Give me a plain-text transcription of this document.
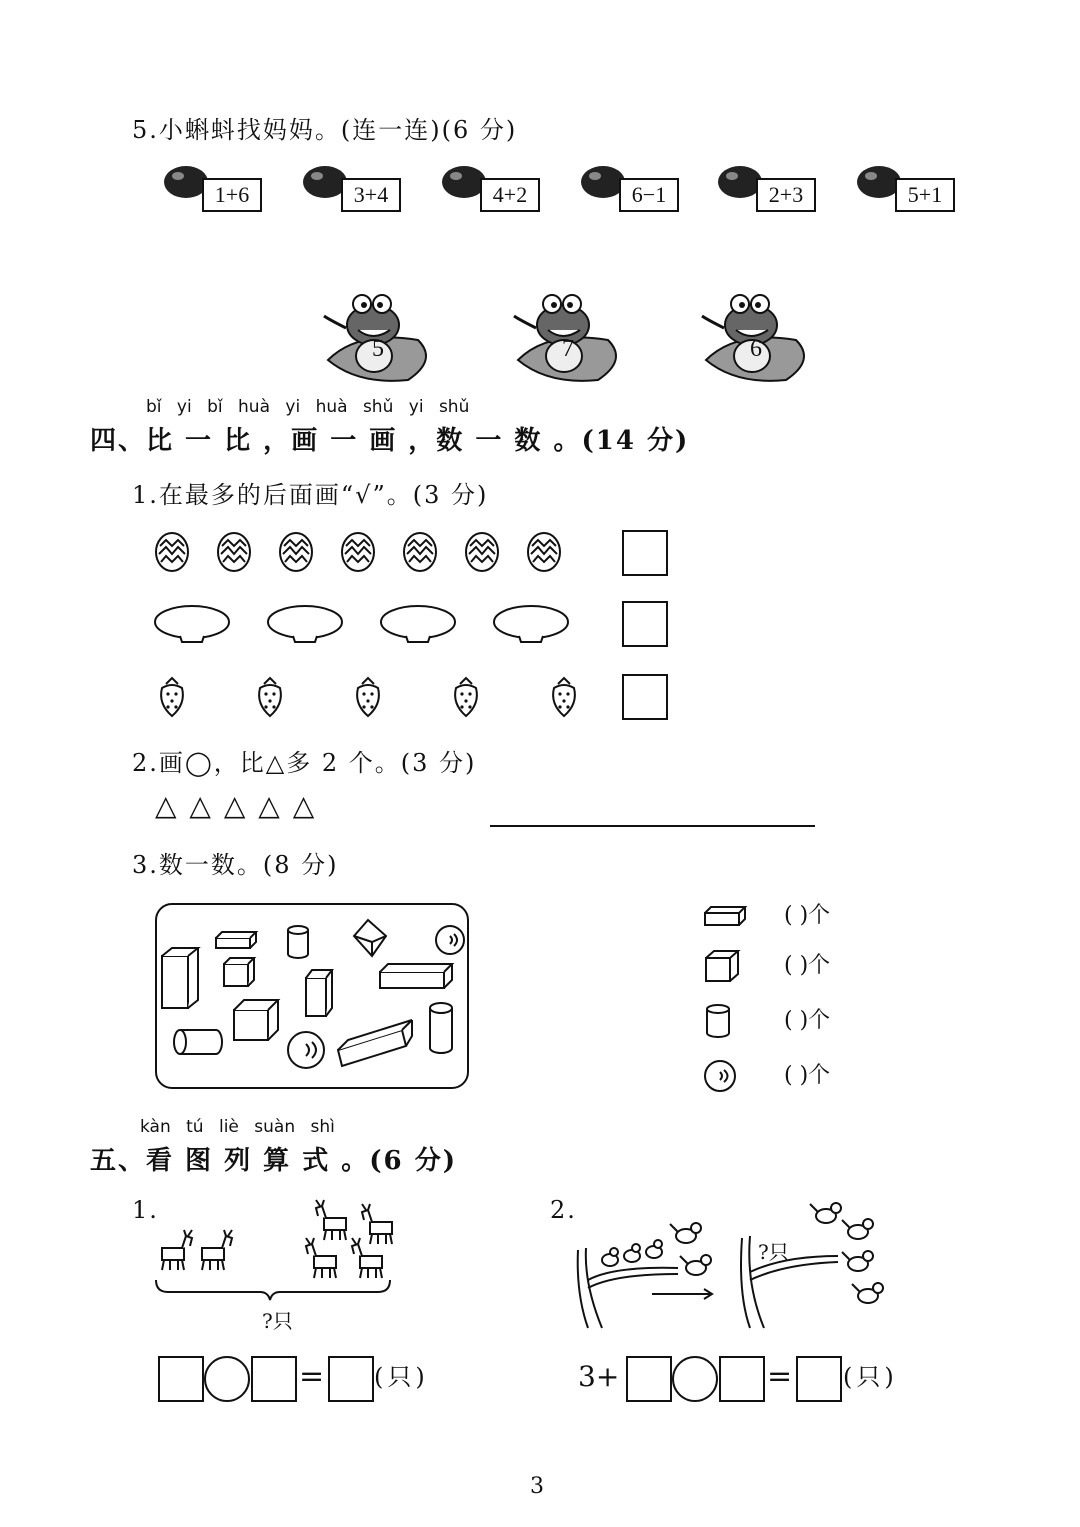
5.小蝌蚪找妈妈。(连一连)(6 分)
1+6	3+4	4+2	6−1	2+3	5+1
5	7	6
bǐ yi bǐ huà yi huà shǔ yi shǔ
四、比 一 比 ，画 一 画 ，数 一 数 。(14 分)
1.在最多的后面画“√”。(3 分)
2.画◯，比△多 2 个。(3 分)
△ △ △ △ △
3.数一数。(8 分)
( )个
( )个
( )个
( )个
kàn tú liè suàn shì
五、看 图 列 算 式 。(6 分)
1.
?只
= (只)
2.
?只
3+	= (只)
3
